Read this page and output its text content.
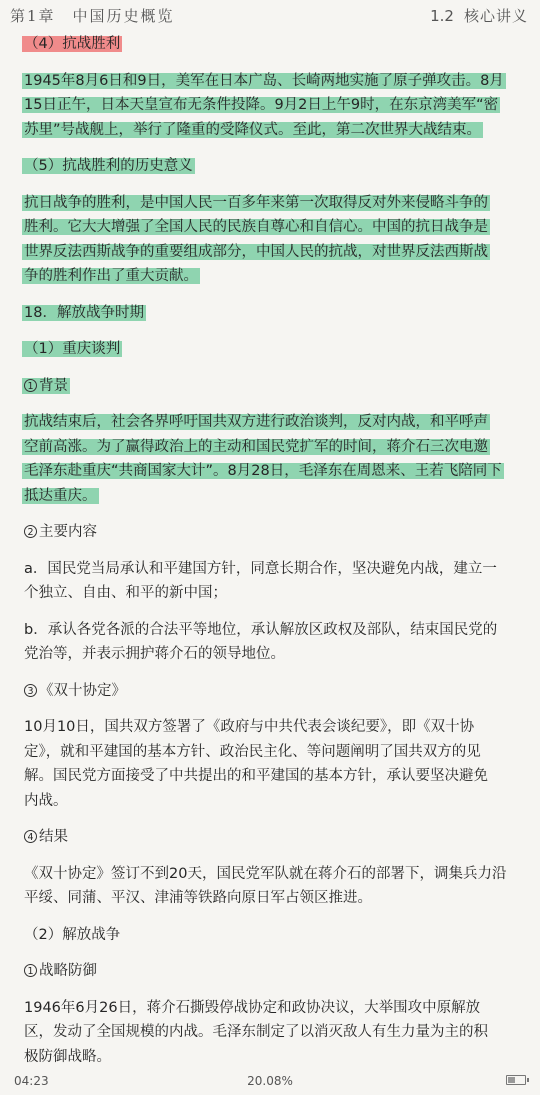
第1章　中国历史概览	1.2 核心讲义
（4）抗战胜利
1945年8月6日和9日，美军在日本广岛、长崎两地实施了原子弹攻击。8月
15日正午，日本天皇宣布无条件投降。9月2日上午9时，在东京湾美军“密
苏里”号战舰上，举行了隆重的受降仪式。至此，第二次世界大战结束。
（5）抗战胜利的历史意义
抗日战争的胜利，是中国人民一百多年来第一次取得反对外来侵略斗争的
胜利。它大大增强了全国人民的民族自尊心和自信心。中国的抗日战争是
世界反法西斯战争的重要组成部分，中国人民的抗战，对世界反法西斯战
争的胜利作出了重大贡献。
18．解放战争时期
（1）重庆谈判
1 背景
抗战结束后，社会各界呼吁国共双方进行政治谈判，反对内战，和平呼声
空前高涨。为了赢得政治上的主动和国民党扩军的时间，蒋介石三次电邀
毛泽东赴重庆“共商国家大计”。8月28日，毛泽东在周恩来、王若飞陪同下
抵达重庆。
2 主要内容
a．国民党当局承认和平建国方针，同意长期合作，坚决避免内战，建立一
个独立、自由、和平的新中国；
b．承认各党各派的合法平等地位，承认解放区政权及部队，结束国民党的
党治等，并表示拥护蒋介石的领导地位。
3 《双十协定》
10月10日，国共双方签署了《政府与中共代表会谈纪要》，即《双十协
定》，就和平建国的基本方针、政治民主化、等问题阐明了国共双方的见
解。国民党方面接受了中共提出的和平建国的基本方针，承认要坚决避免
内战。
4 结果
《双十协定》签订不到20天，国民党军队就在蒋介石的部署下，调集兵力沿
平绥、同蒲、平汉、津浦等铁路向原日军占领区推进。
（2）解放战争
1 战略防御
1946年6月26日，蒋介石撕毁停战协定和政协决议，大举围攻中原解放
区，发动了全国规模的内战。毛泽东制定了以消灭敌人有生力量为主的积
极防御战略。
04:23	20.08%
